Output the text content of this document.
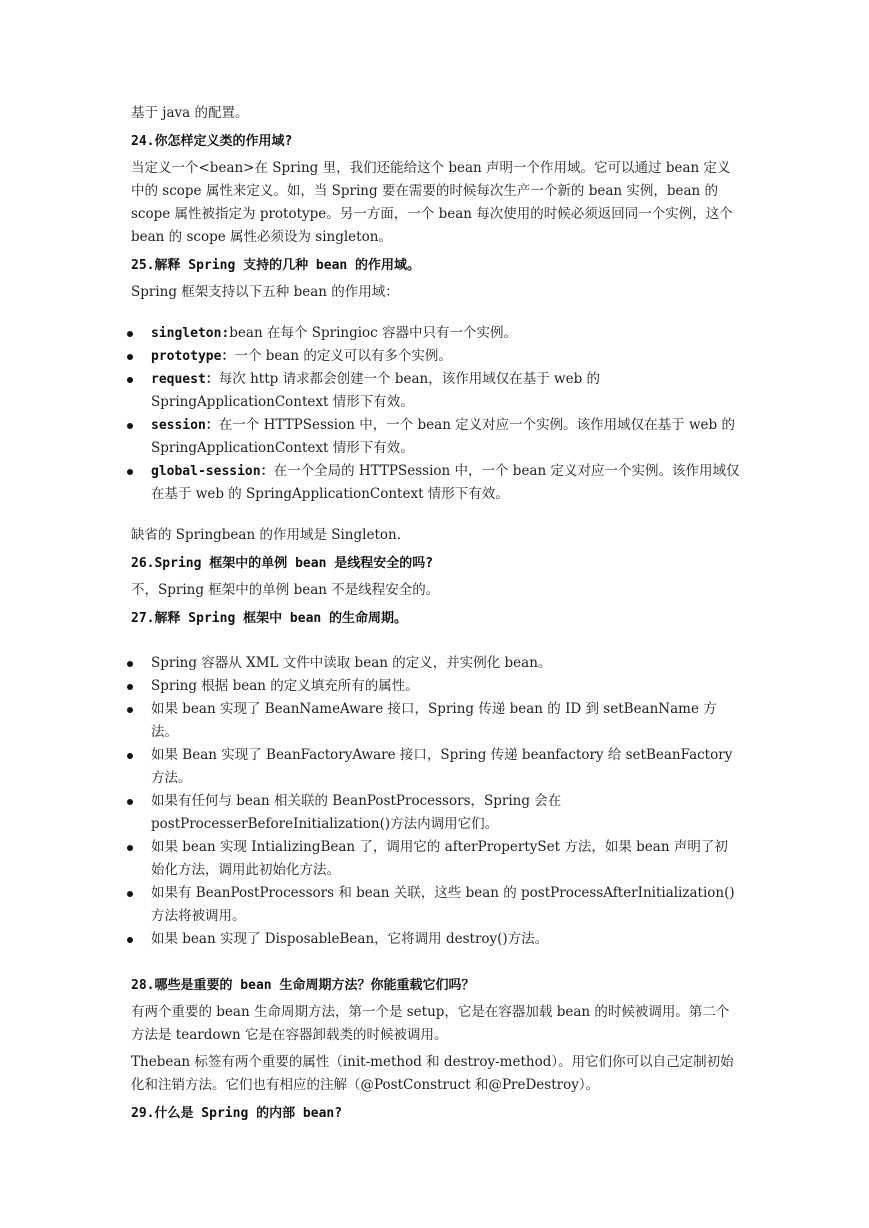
基于 java 的配置。

24.你怎样定义类的作用域?

当定义一个<bean>在 Spring 里，我们还能给这个 bean 声明一个作用域。它可以通过 bean 定义中的 scope 属性来定义。如，当 Spring 要在需要的时候每次生产一个新的 bean 实例，bean 的 scope 属性被指定为 prototype。另一方面，一个 bean 每次使用的时候必须返回同一个实例，这个 bean 的 scope 属性必须设为 singleton。

25.解释 Spring 支持的几种 bean 的作用域。

Spring 框架支持以下五种 bean 的作用域：

singleton:bean 在每个 Springioc 容器中只有一个实例。
prototype：一个 bean 的定义可以有多个实例。
request：每次 http 请求都会创建一个 bean，该作用域仅在基于 web 的 SpringApplicationContext 情形下有效。
session：在一个 HTTPSession 中，一个 bean 定义对应一个实例。该作用域仅在基于 web 的 SpringApplicationContext 情形下有效。
global-session：在一个全局的 HTTPSession 中，一个 bean 定义对应一个实例。该作用域仅在基于 web 的 SpringApplicationContext 情形下有效。

缺省的 Springbean 的作用域是 Singleton.

26.Spring 框架中的单例 bean 是线程安全的吗?

不，Spring 框架中的单例 bean 不是线程安全的。

27.解释 Spring 框架中 bean 的生命周期。

Spring 容器从 XML 文件中读取 bean 的定义，并实例化 bean。
Spring 根据 bean 的定义填充所有的属性。
如果 bean 实现了 BeanNameAware 接口，Spring 传递 bean 的 ID 到 setBeanName 方法。
如果 Bean 实现了 BeanFactoryAware 接口，Spring 传递 beanfactory 给 setBeanFactory 方法。
如果有任何与 bean 相关联的 BeanPostProcessors，Spring 会在 postProcesserBeforeInitialization()方法内调用它们。
如果 bean 实现 IntializingBean 了，调用它的 afterPropertySet 方法，如果 bean 声明了初始化方法，调用此初始化方法。
如果有 BeanPostProcessors 和 bean 关联，这些 bean 的 postProcessAfterInitialization()方法将被调用。
如果 bean 实现了 DisposableBean，它将调用 destroy()方法。

28.哪些是重要的 bean 生命周期方法？你能重载它们吗？

有两个重要的 bean 生命周期方法，第一个是 setup，它是在容器加载 bean 的时候被调用。第二个方法是 teardown 它是在容器卸载类的时候被调用。

Thebean 标签有两个重要的属性（init-method 和 destroy-method）。用它们你可以自己定制初始化和注销方法。它们也有相应的注解（@PostConstruct 和@PreDestroy）。

29.什么是 Spring 的内部 bean?
